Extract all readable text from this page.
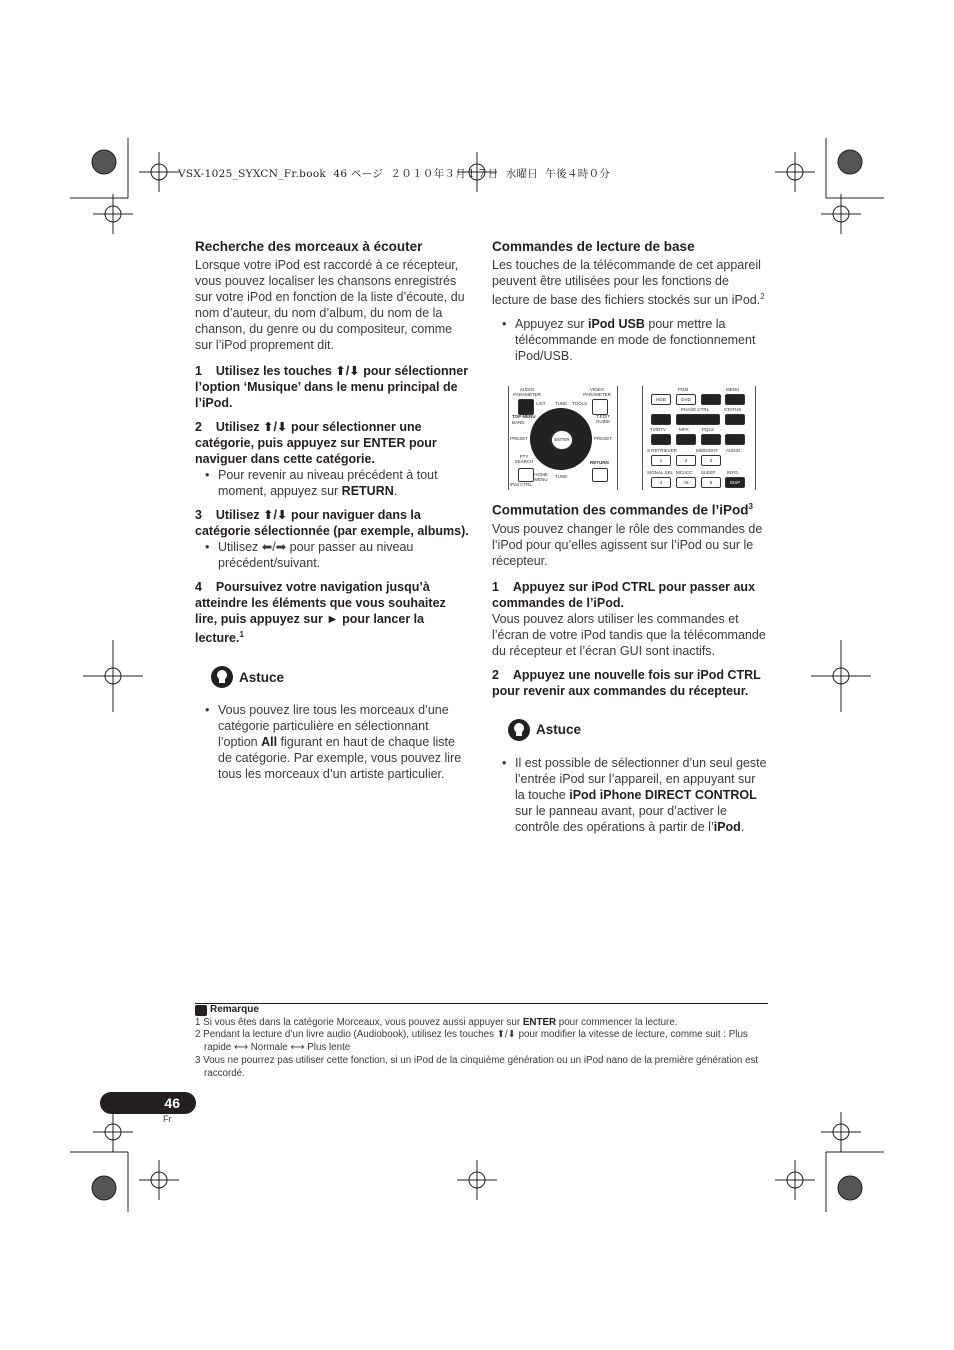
VSX-1025_SYXCN_Fr.book  46 ページ  ２０１０年３月１７日  水曜日  午後４時０分
Recherche des morceaux à écouter

Lorsque votre iPod est raccordé à ce récepteur, vous pouvez localiser les chansons enregistrés sur votre iPod en fonction de la liste d’écoute, du nom d’auteur, du nom d’album, du nom de la chanson, du genre ou du compositeur, comme sur l’iPod proprement dit.

1    Utilisez les touches ⬆/⬇ pour sélectionner l’option ‘Musique’ dans le menu principal de l’iPod.

2    Utilisez ⬆/⬇ pour sélectionner une catégorie, puis appuyez sur ENTER pour naviguer dans cette catégorie.

• Pour revenir au niveau précédent à tout moment, appuyez sur RETURN.

3    Utilisez ⬆/⬇ pour naviguer dans la catégorie sélectionnée (par exemple, albums).

• Utilisez ⬅/➡ pour passer au niveau précédent/suivant.

4    Poursuivez votre navigation jusqu’à atteindre les éléments que vous souhaitez lire, puis appuyez sur ► pour lancer la lecture.$^1$

Astuce
• Vous pouvez lire tous les morceaux d’une catégorie particulière en sélectionnant l’option All figurant en haut de chaque liste de catégorie. Par exemple, vous pouvez lire tous les morceaux d’un artiste particulier.
Commandes de lecture de base

Les touches de la télécommande de cet appareil peuvent être utilisées pour les fonctions de lecture de base des fichiers stockés sur un iPod.$^2$

• Appuyez sur iPod USB pour mettre la télécommande en mode de fonctionnement iPod/USB.
Commutation des commandes de l’iPod$^3$

Vous pouvez changer le rôle des commandes de l’iPod pour qu’elles agissent sur l’iPod ou sur le récepteur.

1    Appuyez sur iPod CTRL pour passer aux commandes de l’iPod.

Vous pouvez alors utiliser les commandes et l’écran de votre iPod tandis que la télécommande du récepteur et l’écran GUI sont inactifs.

2    Appuyez une nouvelle fois sur iPod CTRL pour revenir aux commandes du récepteur.

Astuce
• Il est possible de sélectionner d’un seul geste l’entrée iPod sur l’appareil, en appuyant sur la touche iPod iPhone DIRECT CONTROL sur le panneau avant, pour d’activer le contrôle des opérations à partir de l’iPod.
AUDIO PARAMETER
VIDEO PARAMETER
LIST TUNE TOOLS
TOP MENU
BAND
T.EDIT GUIDE
PRESET	PRESET
ENTER
PTY SEARCH
HOME MENU
TUNE
RETURN
iPod CTRL
PGM	MENU
HDD	DVD
PHASE CTRL	STATUS
TV/DTV	MPX	PQLS
S.RETRIEVER	MIDNIGHT AUDIO
1	2	3
SIGNAL SEL MCACC SLEEP	INFO
4	>5	6	DISP
Remarque
1 Si vous êtes dans la catégorie Morceaux, vous pouvez aussi appuyer sur ENTER pour commencer la lecture.
2 Pendant la lecture d’un livre audio (Audiobook), utilisez les touches ⬆/⬇ pour modifier la vitesse de lecture, comme suit : Plus rapide ⟷ Normale ⟷ Plus lente
3 Vous ne pourrez pas utiliser cette fonction, si un iPod de la cinquième génération ou un iPod nano de la première génération est raccordé.
46
Fr
